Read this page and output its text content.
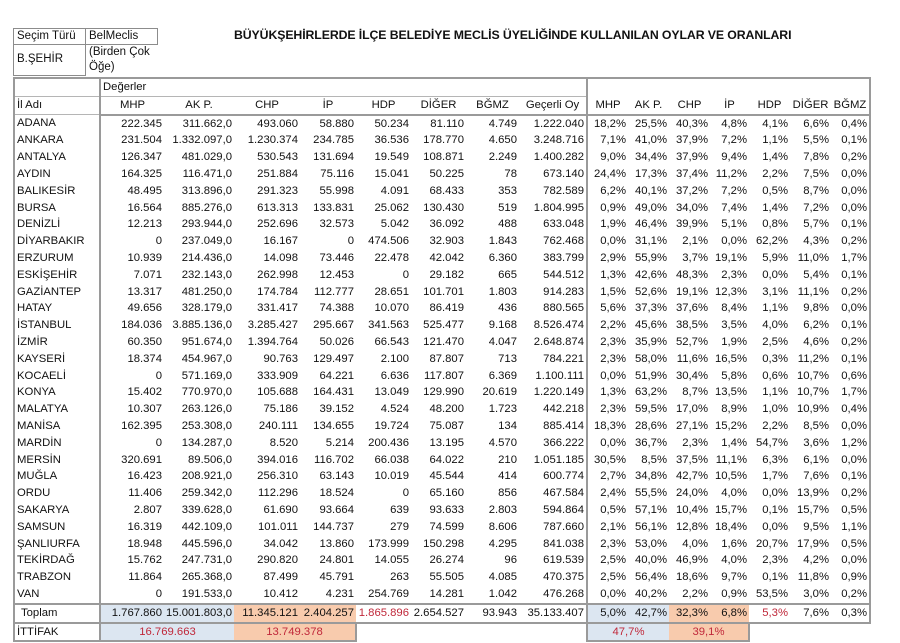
Seçim Türü	BelMeclis
B.ŞEHİR	(Birden Çok Öğe)
BÜYÜKŞEHİRLERDE İLÇE BELEDİYE MECLİS ÜYELİĞİNDE KULLANILAN OYLAR VE ORANLARI
	Değerler														
İl Adı	MHP	AK P.	CHP	İP	HDP	DİĞER	BĞMZ	Geçerli Oy	MHP	AK P.	CHP	İP	HDP	DİĞER	BĞMZ
ADANA	222.345	311.662,0	493.060	58.880	50.234	81.110	4.749	1.222.040	18,2%	25,5%	40,3%	4,8%	4,1%	6,6%	0,4%
ANKARA	231.504	1.332.097,0	1.230.374	234.785	36.536	178.770	4.650	3.248.716	7,1%	41,0%	37,9%	7,2%	1,1%	5,5%	0,1%
ANTALYA	126.347	481.029,0	530.543	131.694	19.549	108.871	2.249	1.400.282	9,0%	34,4%	37,9%	9,4%	1,4%	7,8%	0,2%
AYDIN	164.325	116.471,0	251.884	75.116	15.041	50.225	78	673.140	24,4%	17,3%	37,4%	11,2%	2,2%	7,5%	0,0%
BALIKESİR	48.495	313.896,0	291.323	55.998	4.091	68.433	353	782.589	6,2%	40,1%	37,2%	7,2%	0,5%	8,7%	0,0%
BURSA	16.564	885.276,0	613.313	133.831	25.062	130.430	519	1.804.995	0,9%	49,0%	34,0%	7,4%	1,4%	7,2%	0,0%
DENİZLİ	12.213	293.944,0	252.696	32.573	5.042	36.092	488	633.048	1,9%	46,4%	39,9%	5,1%	0,8%	5,7%	0,1%
DİYARBAKIR	0	237.049,0	16.167	0	474.506	32.903	1.843	762.468	0,0%	31,1%	2,1%	0,0%	62,2%	4,3%	0,2%
ERZURUM	10.939	214.436,0	14.098	73.446	22.478	42.042	6.360	383.799	2,9%	55,9%	3,7%	19,1%	5,9%	11,0%	1,7%
ESKİŞEHİR	7.071	232.143,0	262.998	12.453	0	29.182	665	544.512	1,3%	42,6%	48,3%	2,3%	0,0%	5,4%	0,1%
GAZİANTEP	13.317	481.250,0	174.784	112.777	28.651	101.701	1.803	914.283	1,5%	52,6%	19,1%	12,3%	3,1%	11,1%	0,2%
HATAY	49.656	328.179,0	331.417	74.388	10.070	86.419	436	880.565	5,6%	37,3%	37,6%	8,4%	1,1%	9,8%	0,0%
İSTANBUL	184.036	3.885.136,0	3.285.427	295.667	341.563	525.477	9.168	8.526.474	2,2%	45,6%	38,5%	3,5%	4,0%	6,2%	0,1%
İZMİR	60.350	951.674,0	1.394.764	50.026	66.543	121.470	4.047	2.648.874	2,3%	35,9%	52,7%	1,9%	2,5%	4,6%	0,2%
KAYSERİ	18.374	454.967,0	90.763	129.497	2.100	87.807	713	784.221	2,3%	58,0%	11,6%	16,5%	0,3%	11,2%	0,1%
KOCAELİ	0	571.169,0	333.909	64.221	6.636	117.807	6.369	1.100.111	0,0%	51,9%	30,4%	5,8%	0,6%	10,7%	0,6%
KONYA	15.402	770.970,0	105.688	164.431	13.049	129.990	20.619	1.220.149	1,3%	63,2%	8,7%	13,5%	1,1%	10,7%	1,7%
MALATYA	10.307	263.126,0	75.186	39.152	4.524	48.200	1.723	442.218	2,3%	59,5%	17,0%	8,9%	1,0%	10,9%	0,4%
MANİSA	162.395	253.308,0	240.111	134.655	19.724	75.087	134	885.414	18,3%	28,6%	27,1%	15,2%	2,2%	8,5%	0,0%
MARDİN	0	134.287,0	8.520	5.214	200.436	13.195	4.570	366.222	0,0%	36,7%	2,3%	1,4%	54,7%	3,6%	1,2%
MERSİN	320.691	89.506,0	394.016	116.702	66.038	64.022	210	1.051.185	30,5%	8,5%	37,5%	11,1%	6,3%	6,1%	0,0%
MUĞLA	16.423	208.921,0	256.310	63.143	10.019	45.544	414	600.774	2,7%	34,8%	42,7%	10,5%	1,7%	7,6%	0,1%
ORDU	11.406	259.342,0	112.296	18.524	0	65.160	856	467.584	2,4%	55,5%	24,0%	4,0%	0,0%	13,9%	0,2%
SAKARYA	2.807	339.628,0	61.690	93.664	639	93.633	2.803	594.864	0,5%	57,1%	10,4%	15,7%	0,1%	15,7%	0,5%
SAMSUN	16.319	442.109,0	101.011	144.737	279	74.599	8.606	787.660	2,1%	56,1%	12,8%	18,4%	0,0%	9,5%	1,1%
ŞANLIURFA	18.948	445.596,0	34.042	13.860	173.999	150.298	4.295	841.038	2,3%	53,0%	4,0%	1,6%	20,7%	17,9%	0,5%
TEKİRDAĞ	15.762	247.731,0	290.820	24.801	14.055	26.274	96	619.539	2,5%	40,0%	46,9%	4,0%	2,3%	4,2%	0,0%
TRABZON	11.864	265.368,0	87.499	45.791	263	55.505	4.085	470.375	2,5%	56,4%	18,6%	9,7%	0,1%	11,8%	0,9%
VAN	0	191.533,0	10.412	4.231	254.769	14.281	1.042	476.268	0,0%	40,2%	2,2%	0,9%	53,5%	3,0%	0,2%
Toplam	1.767.860	15.001.803,0	11.345.121	2.404.257	1.865.896	2.654.527	93.943	35.133.407	5,0%	42,7%	32,3%	6,8%	5,3%	7,6%	0,3%
İTTİFAK	16.769.663		13.749.378						47,7%		39,1%				
